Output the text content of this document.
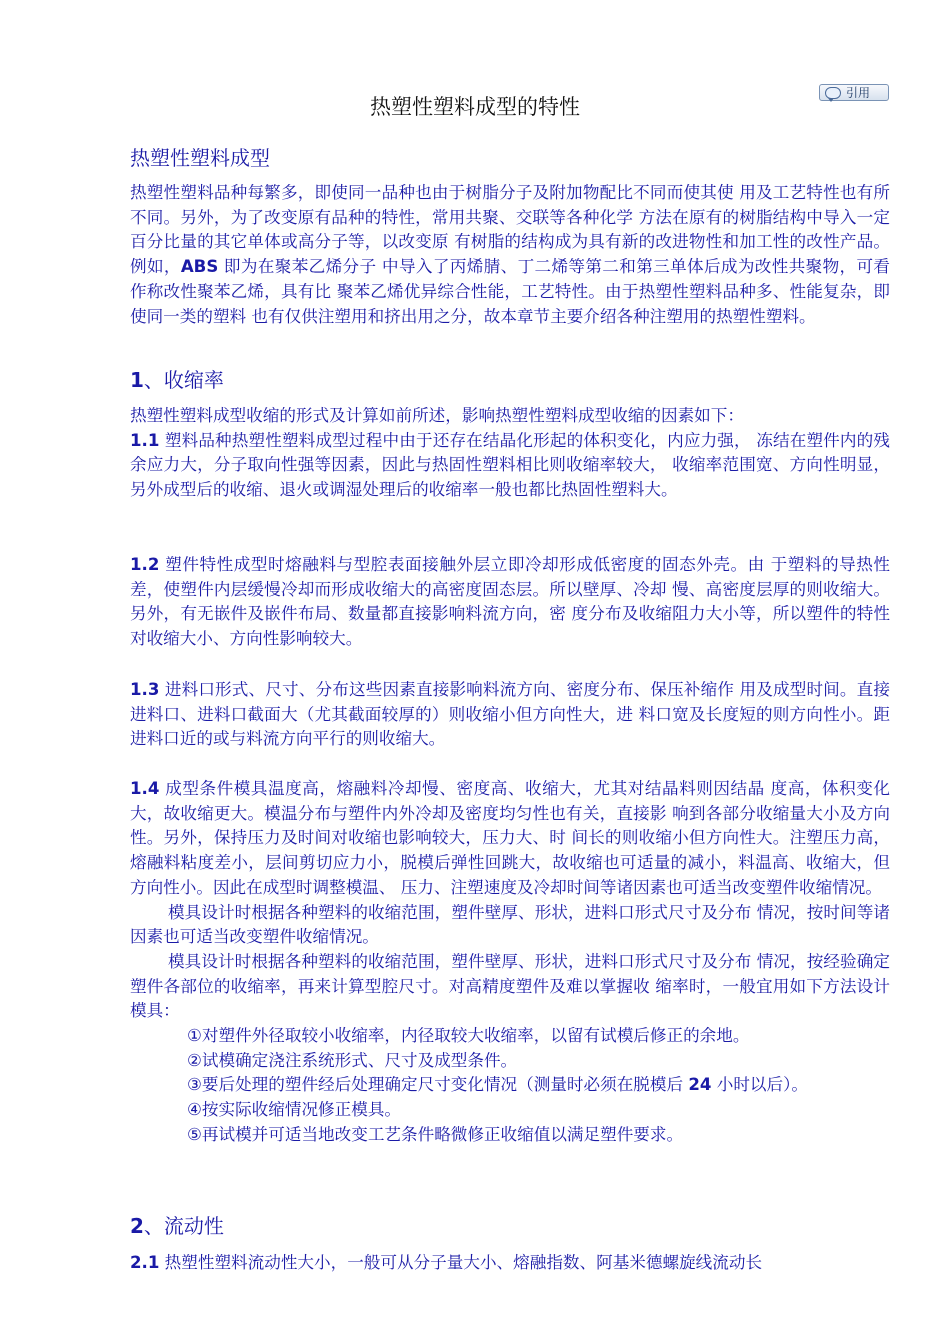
引用
热塑性塑料成型的特性
热塑性塑料成型

热塑性塑料品种每繁多，即使同一品种也由于树脂分子及附加物配比不同而使其使 用及工艺特性也有所不同。另外，为了改变原有品种的特性，常用共聚、交联等各种化学 方法在原有的树脂结构中导入一定百分比量的其它单体或高分子等，以改变原 有树脂的结构成为具有新的改进物性和加工性的改性产品。例如，ABS 即为在聚苯乙烯分子 中导入了丙烯腈、丁二烯等第二和第三单体后成为改性共聚物，可看作称改性聚苯乙烯，具有比 聚苯乙烯优异综合性能，工艺特性。由于热塑性塑料品种多、性能复杂，即使同一类的塑料 也有仅供注塑用和挤出用之分，故本章节主要介绍各种注塑用的热塑性塑料。

1、收缩率

热塑性塑料成型收缩的形式及计算如前所述，影响热塑性塑料成型收缩的因素如下：

1.1 塑料品种热塑性塑料成型过程中由于还存在结晶化形起的体积变化，内应力强， 冻结在塑件内的残余应力大，分子取向性强等因素，因此与热固性塑料相比则收缩率较大， 收缩率范围宽、方向性明显，另外成型后的收缩、退火或调湿处理后的收缩率一般也都比热固性塑料大。

1.2 塑件特性成型时熔融料与型腔表面接触外层立即冷却形成低密度的固态外壳。由 于塑料的导热性差，使塑件内层缓慢冷却而形成收缩大的高密度固态层。所以壁厚、冷却 慢、高密度层厚的则收缩大。另外，有无嵌件及嵌件布局、数量都直接影响料流方向，密 度分布及收缩阻力大小等，所以塑件的特性对收缩大小、方向性影响较大。

1.3 进料口形式、尺寸、分布这些因素直接影响料流方向、密度分布、保压补缩作 用及成型时间。直接进料口、进料口截面大（尤其截面较厚的）则收缩小但方向性大，进 料口宽及长度短的则方向性小。距进料口近的或与料流方向平行的则收缩大。

1.4 成型条件模具温度高，熔融料冷却慢、密度高、收缩大，尤其对结晶料则因结晶 度高，体积变化大，故收缩更大。模温分布与塑件内外冷却及密度均匀性也有关，直接影 响到各部分收缩量大小及方向性。另外，保持压力及时间对收缩也影响较大，压力大、时 间长的则收缩小但方向性大。注塑压力高，熔融料粘度差小，层间剪切应力小，脱模后弹性回跳大，故收缩也可适量的减小，料温高、收缩大，但方向性小。因此在成型时调整模温、 压力、注塑速度及冷却时间等诸因素也可适当改变塑件收缩情况。

模具设计时根据各种塑料的收缩范围，塑件壁厚、形状，进料口形式尺寸及分布 情况，按时间等诸因素也可适当改变塑件收缩情况。

模具设计时根据各种塑料的收缩范围，塑件壁厚、形状，进料口形式尺寸及分布 情况，按经验确定塑件各部位的收缩率，再来计算型腔尺寸。对高精度塑件及难以掌握收 缩率时，一般宜用如下方法设计模具：

①对塑件外径取较小收缩率，内径取较大收缩率，以留有试模后修正的余地。

②试模确定浇注系统形式、尺寸及成型条件。

③要后处理的塑件经后处理确定尺寸变化情况（测量时必须在脱模后 24 小时以后）。

④按实际收缩情况修正模具。

⑤再试模并可适当地改变工艺条件略微修正收缩值以满足塑件要求。

2、流动性

2.1 热塑性塑料流动性大小，一般可从分子量大小、熔融指数、阿基米德螺旋线流动长
